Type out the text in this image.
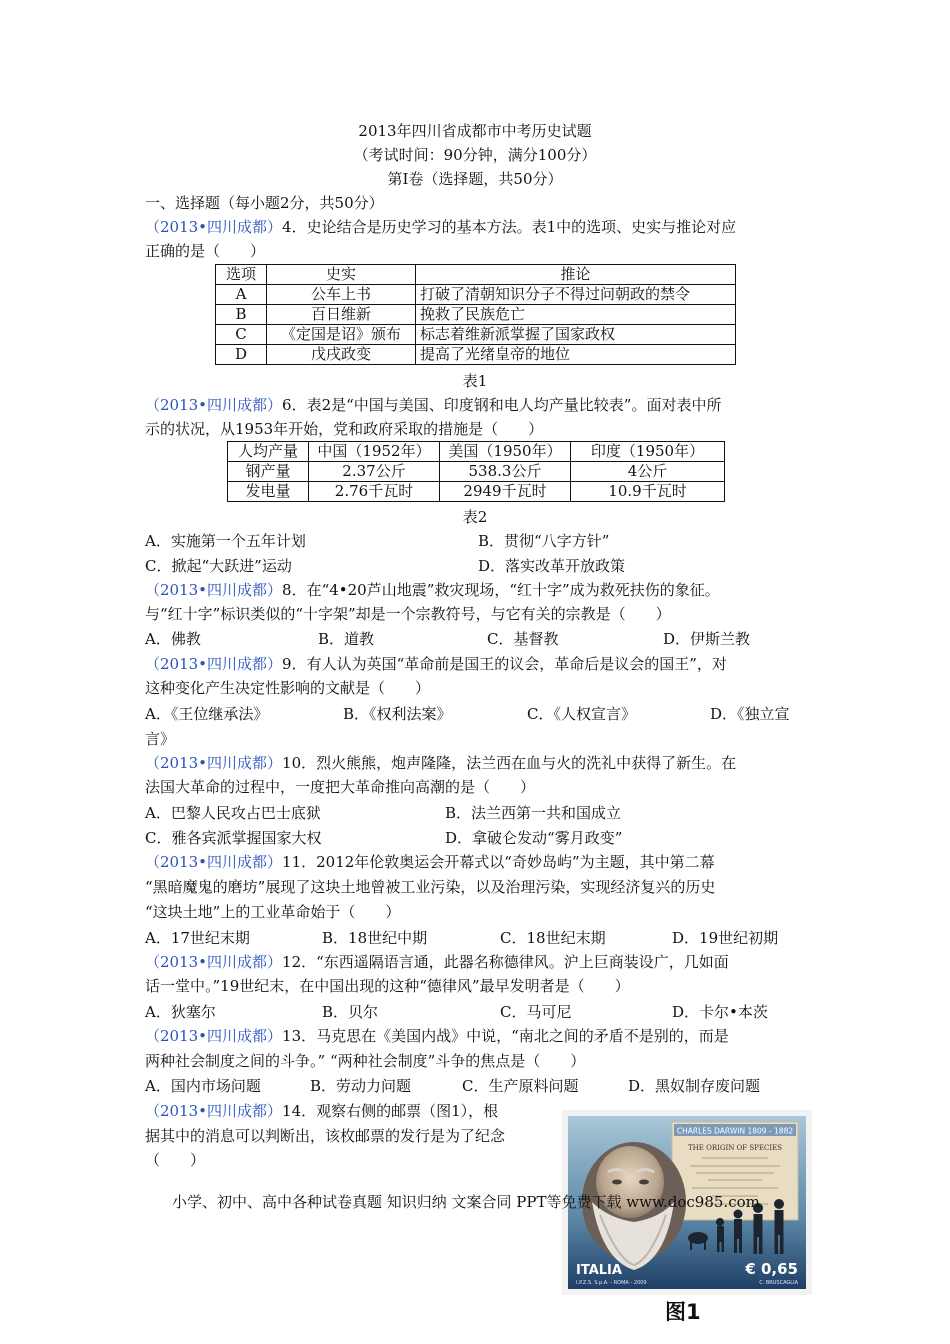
2013年四川省成都市中考历史试题
（考试时间：90分钟，满分100分）
第Ⅰ卷（选择题，共50分）
一、选择题（每小题2分，共50分）
（2013•四川成都）4．史论结合是历史学习的基本方法。表1中的选项、史实与推论对应
正确的是（　　）
选项	史实	推论
A	公车上书	打破了清朝知识分子不得过问朝政的禁令
B	百日维新	挽救了民族危亡
C	《定国是诏》颁布	标志着维新派掌握了国家政权
D	戊戌政变	提高了光绪皇帝的地位
表1
（2013•四川成都）6．表2是“中国与美国、印度钢和电人均产量比较表”。面对表中所
示的状况，从1953年开始，党和政府采取的措施是（　　）
人均产量	中国（1952年）	美国（1950年）	印度（1950年）
钢产量	2.37公斤	538.3公斤	4公斤
发电量	2.76千瓦时	2949千瓦时	10.9千瓦时
表2
A．实施第一个五年计划	B．贯彻“八字方针”
C．掀起“大跃进”运动	D．落实改革开放政策
（2013•四川成都）8．在“4•20芦山地震”救灾现场，“红十字”成为救死扶伤的象征。
与“红十字”标识类似的“十字架”却是一个宗教符号，与它有关的宗教是（　　）
A．佛教	B．道教	C．基督教	D．伊斯兰教
（2013•四川成都）9．有人认为英国“革命前是国王的议会，革命后是议会的国王”，对
这种变化产生决定性影响的文献是（　　）
A．《王位继承法》	B．《权利法案》	C．《人权宣言》	D．《独立宣
言》
（2013•四川成都）10．烈火熊熊，炮声隆隆，法兰西在血与火的洗礼中获得了新生。在
法国大革命的过程中，一度把大革命推向高潮的是（　　）
A．巴黎人民攻占巴士底狱	B．法兰西第一共和国成立
C．雅各宾派掌握国家大权	D．拿破仑发动“雾月政变”
（2013•四川成都）11．2012年伦敦奥运会开幕式以“奇妙岛屿”为主题，其中第二幕
“黑暗魔鬼的磨坊”展现了这块土地曾被工业污染，以及治理污染，实现经济复兴的历史
“这块土地”上的工业革命始于（　　）
A．17世纪末期	B．18世纪中期	C．18世纪末期	D．19世纪初期
（2013•四川成都）12．“东西遥隔语言通，此器名称德律风。沪上巨商装设广，几如面
话一堂中。”19世纪末，在中国出现的这种“德律风”最早发明者是（　　）
A．狄塞尔	B．贝尔	C．马可尼	D．卡尔•本茨
（2013•四川成都）13．马克思在《美国内战》中说，“南北之间的矛盾不是别的，而是
两种社会制度之间的斗争。” “两种社会制度”斗争的焦点是（　　）
A．国内市场问题	B．劳动力问题	C．生产原料问题	D．黑奴制存废问题
（2013•四川成都）14．观察右侧的邮票（图1），根
据其中的消息可以判断出，该枚邮票的发行是为了纪念
（　　）
CHARLES DARWIN 1809 - 1882
THE ORIGIN OF SPECIES
ITALIA	€ 0,65
I.P.Z.S. S.p.A. - ROMA - 2009	C. BRUSCAGLIA
小学、初中、高中各种试卷真题 知识归纳 文案合同 PPT等免费下载 www.doc985.com
图1
